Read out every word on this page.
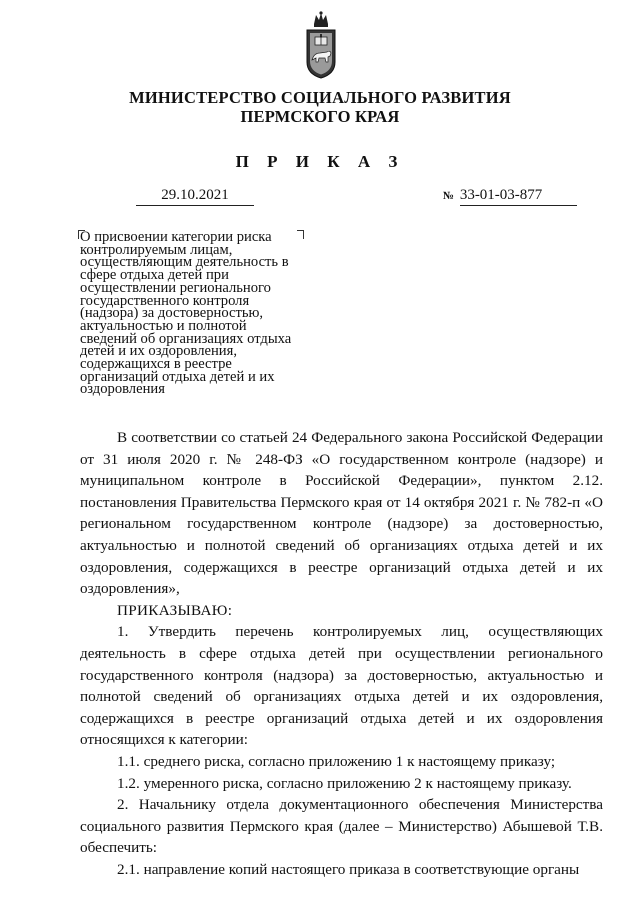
МИНИСТЕРСТВО СОЦИАЛЬНОГО РАЗВИТИЯ
ПЕРМСКОГО КРАЯ
П Р И К А З
29.10.2021	№ 33-01-03-877
О присвоении категории риска
контролируемым лицам,
осуществляющим деятельность в
сфере отдыха детей при
осуществлении регионального
государственного контроля
(надзора) за достоверностью,
актуальностью и полнотой
сведений об организациях отдыха
детей и их оздоровления,
содержащихся в реестре
организаций отдыха детей и их
оздоровления

В соответствии со статьей 24 Федерального закона Российской Федерации от 31 июля 2020 г. № 248-ФЗ «О государственном контроле (надзоре) и муниципальном контроле в Российской Федерации», пунктом 2.12. постановления Правительства Пермского края от 14 октября 2021 г. № 782-п «О региональном государственном контроле (надзоре) за достоверностью, актуальностью и полнотой сведений об организациях отдыха детей и их оздоровления, содержащихся в реестре организаций отдыха детей и их оздоровления»,

ПРИКАЗЫВАЮ:

1. Утвердить перечень контролируемых лиц, осуществляющих деятельность в сфере отдыха детей при осуществлении регионального государственного контроля (надзора) за достоверностью, актуальностью и полнотой сведений об организациях отдыха детей и их оздоровления, содержащихся в реестре организаций отдыха детей и их оздоровления относящихся к категории:

1.1. среднего риска, согласно приложению 1 к настоящему приказу;

1.2. умеренного риска, согласно приложению 2 к настоящему приказу.

2. Начальнику отдела документационного обеспечения Министерства социального развития Пермского края (далее – Министерство) Абышевой Т.В. обеспечить:

2.1. направление копий настоящего приказа в соответствующие органы
